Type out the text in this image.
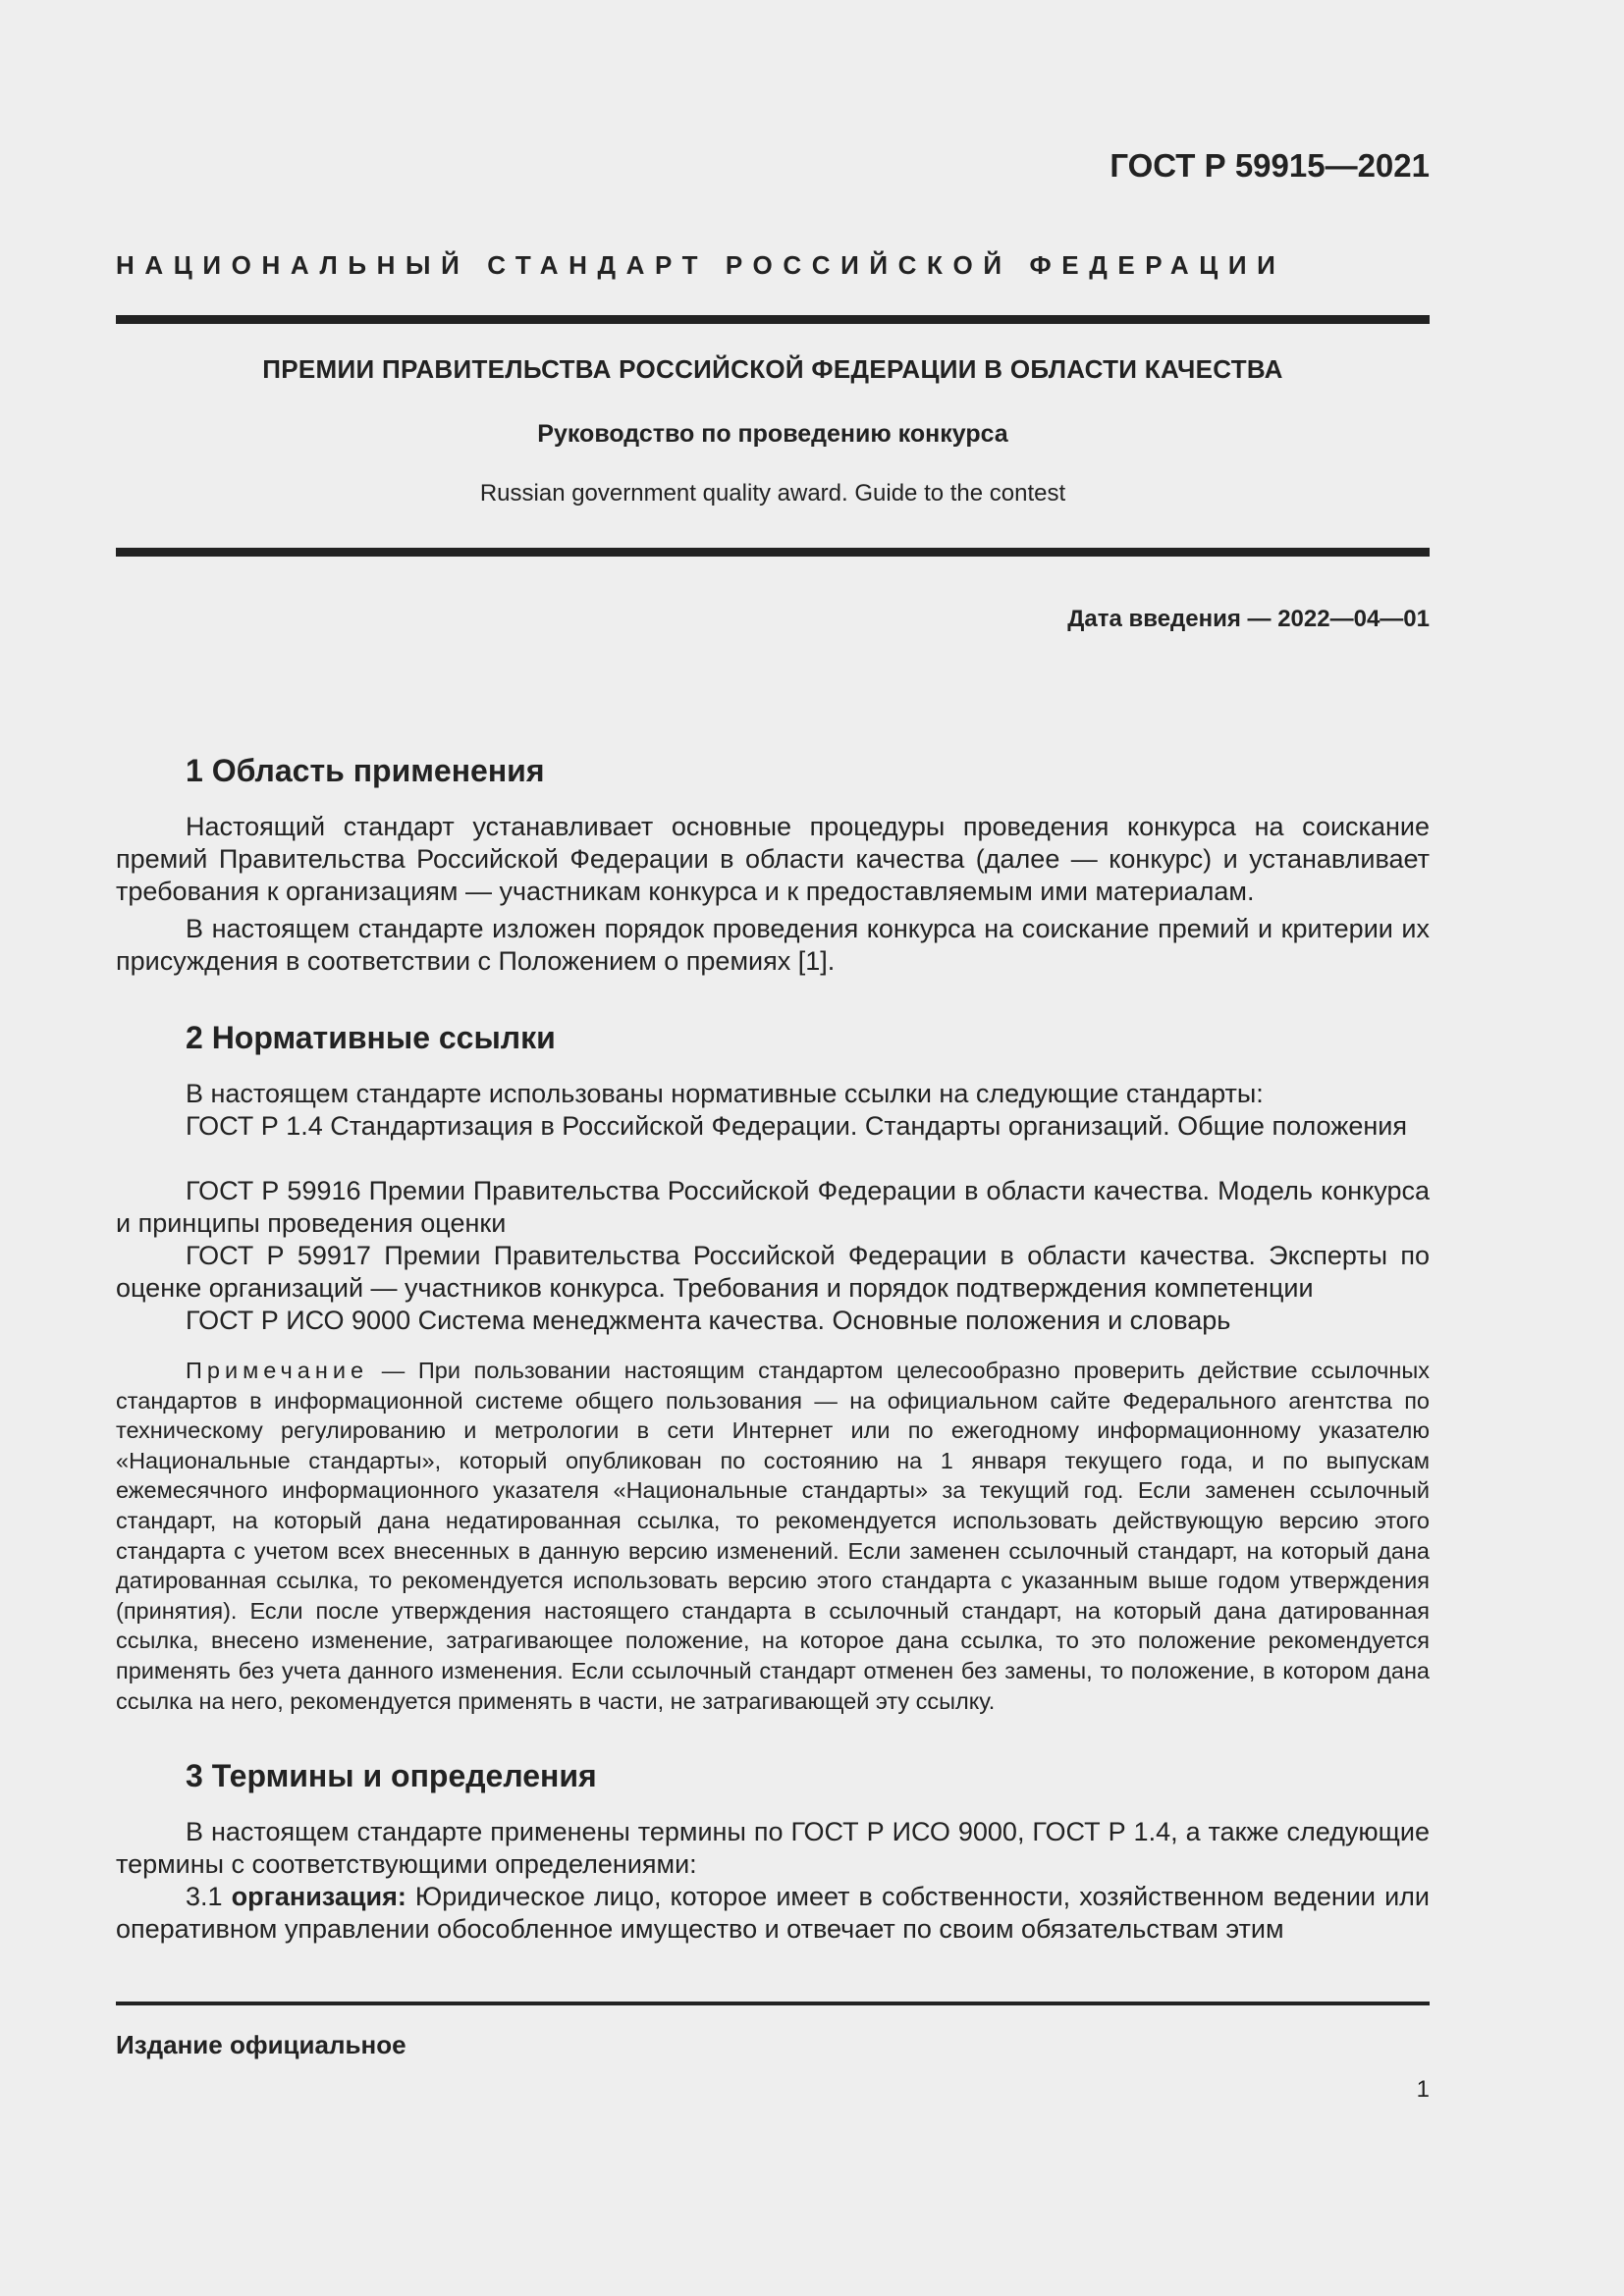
ГОСТ Р 59915—2021
НАЦИОНАЛЬНЫЙ СТАНДАРТ РОССИЙСКОЙ ФЕДЕРАЦИИ
ПРЕМИИ ПРАВИТЕЛЬСТВА РОССИЙСКОЙ ФЕДЕРАЦИИ В ОБЛАСТИ КАЧЕСТВА
Руководство по проведению конкурса
Russian government quality award. Guide to the contest
Дата введения — 2022—04—01
1 Область применения
Настоящий стандарт устанавливает основные процедуры проведения конкурса на соискание премий Правительства Российской Федерации в области качества (далее — конкурс) и устанавливает требования к организациям — участникам конкурса и к предоставляемым ими материалам.
В настоящем стандарте изложен порядок проведения конкурса на соискание премий и критерии их присуждения в соответствии с Положением о премиях [1].
2 Нормативные ссылки
В настоящем стандарте использованы нормативные ссылки на следующие стандарты:
ГОСТ Р 1.4 Стандартизация в Российской Федерации. Стандарты организаций. Общие положения
ГОСТ Р 59916 Премии Правительства Российской Федерации в области качества. Модель конкурса и принципы проведения оценки
ГОСТ Р 59917 Премии Правительства Российской Федерации в области качества. Эксперты по оценке организаций — участников конкурса. Требования и порядок подтверждения компетенции
ГОСТ Р ИСО 9000 Система менеджмента качества. Основные положения и словарь
Примечание — При пользовании настоящим стандартом целесообразно проверить действие ссылочных стандартов в информационной системе общего пользования — на официальном сайте Федерального агентства по техническому регулированию и метрологии в сети Интернет или по ежегодному информационному указателю «Национальные стандарты», который опубликован по состоянию на 1 января текущего года, и по выпускам ежемесячного информационного указателя «Национальные стандарты» за текущий год. Если заменен ссылочный стандарт, на который дана недатированная ссылка, то рекомендуется использовать действующую версию этого стандарта с учетом всех внесенных в данную версию изменений. Если заменен ссылочный стандарт, на который дана датированная ссылка, то рекомендуется использовать версию этого стандарта с указанным выше годом утверждения (принятия). Если после утверждения настоящего стандарта в ссылочный стандарт, на который дана датированная ссылка, внесено изменение, затрагивающее положение, на которое дана ссылка, то это положение рекомендуется применять без учета данного изменения. Если ссылочный стандарт отменен без замены, то положение, в котором дана ссылка на него, рекомендуется применять в части, не затрагивающей эту ссылку.
3 Термины и определения
В настоящем стандарте применены термины по ГОСТ Р ИСО 9000, ГОСТ Р 1.4, а также следующие термины с соответствующими определениями:
3.1 организация: Юридическое лицо, которое имеет в собственности, хозяйственном ведении или оперативном управлении обособленное имущество и отвечает по своим обязательствам этим
Издание официальное
1
